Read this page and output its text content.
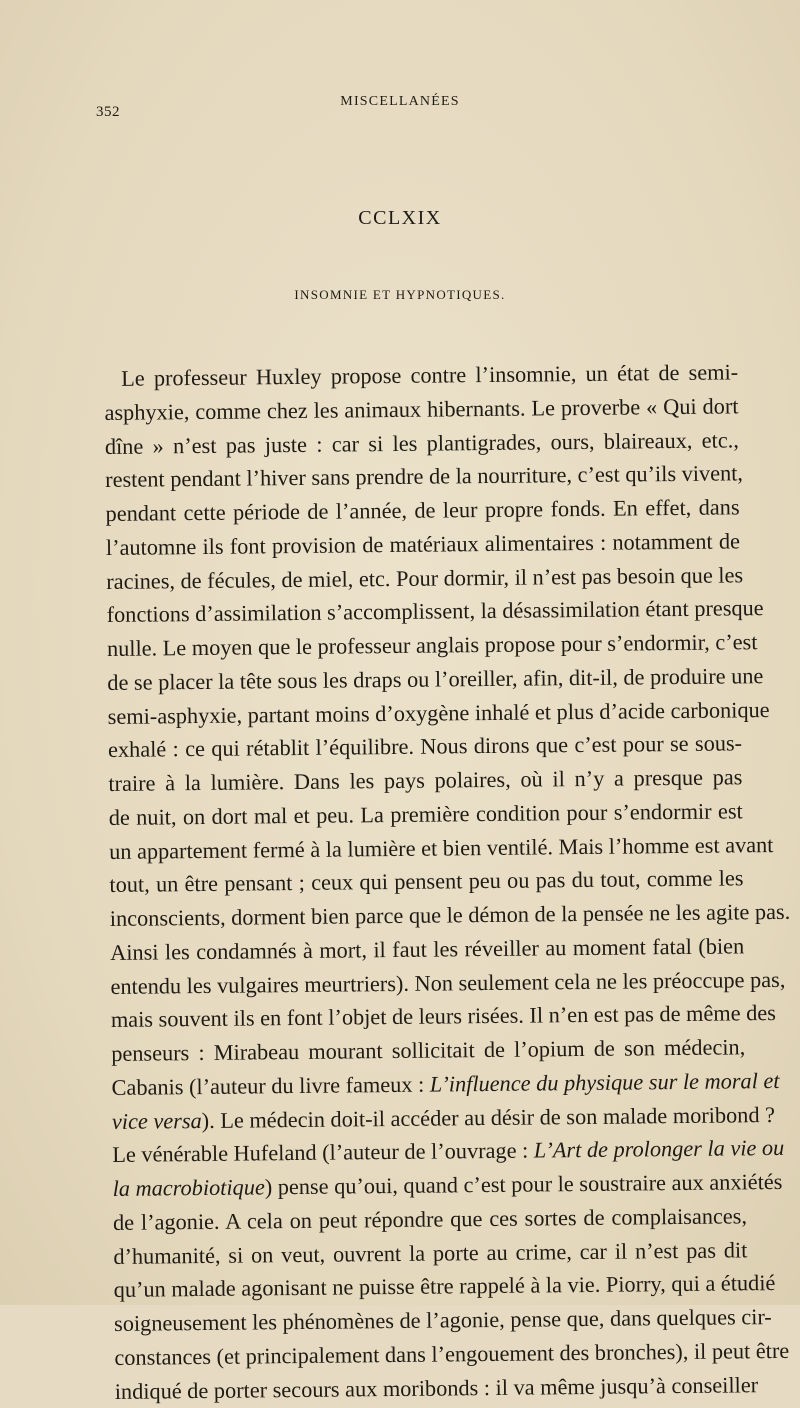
352
MISCELLANÉES
CCLXIX
INSOMNIE ET HYPNOTIQUES.
Le professeur Huxley propose contre l’insomnie, un état de semi-
asphyxie, comme chez les animaux hibernants. Le proverbe « Qui dort
dîne » n’est pas juste : car si les plantigrades, ours, blaireaux, etc.,
restent pendant l’hiver sans prendre de la nourriture, c’est qu’ils vivent,
pendant cette période de l’année, de leur propre fonds. En effet, dans
l’automne ils font provision de matériaux alimentaires : notamment de
racines, de fécules, de miel, etc. Pour dormir, il n’est pas besoin que les
fonctions d’assimilation s’accomplissent, la désassimilation étant presque
nulle. Le moyen que le professeur anglais propose pour s’endormir, c’est
de se placer la tête sous les draps ou l’oreiller, afin, dit-il, de produire une
semi-asphyxie, partant moins d’oxygène inhalé et plus d’acide carbonique
exhalé : ce qui rétablit l’équilibre. Nous dirons que c’est pour se sous-
traire à la lumière. Dans les pays polaires, où il n’y a presque pas
de nuit, on dort mal et peu. La première condition pour s’endormir est
un appartement fermé à la lumière et bien ventilé. Mais l’homme est avant
tout, un être pensant ; ceux qui pensent peu ou pas du tout, comme les
inconscients, dorment bien parce que le démon de la pensée ne les agite pas.
Ainsi les condamnés à mort, il faut les réveiller au moment fatal (bien
entendu les vulgaires meurtriers). Non seulement cela ne les préoccupe pas,
mais souvent ils en font l’objet de leurs risées. Il n’en est pas de même des
penseurs : Mirabeau mourant sollicitait de l’opium de son médecin,
Cabanis (l’auteur du livre fameux : L’influence du physique sur le moral et
vice versa). Le médecin doit-il accéder au désir de son malade moribond ?
Le vénérable Hufeland (l’auteur de l’ouvrage : L’Art de prolonger la vie ou
la macrobiotique) pense qu’oui, quand c’est pour le soustraire aux anxiétés
de l’agonie. A cela on peut répondre que ces sortes de complaisances,
d’humanité, si on veut, ouvrent la porte au crime, car il n’est pas dit
qu’un malade agonisant ne puisse être rappelé à la vie. Piorry, qui a étudié
soigneusement les phénomènes de l’agonie, pense que, dans quelques cir-
constances (et principalement dans l’engouement des bronches), il peut être
indiqué de porter secours aux moribonds : il va même jusqu’à conseiller
